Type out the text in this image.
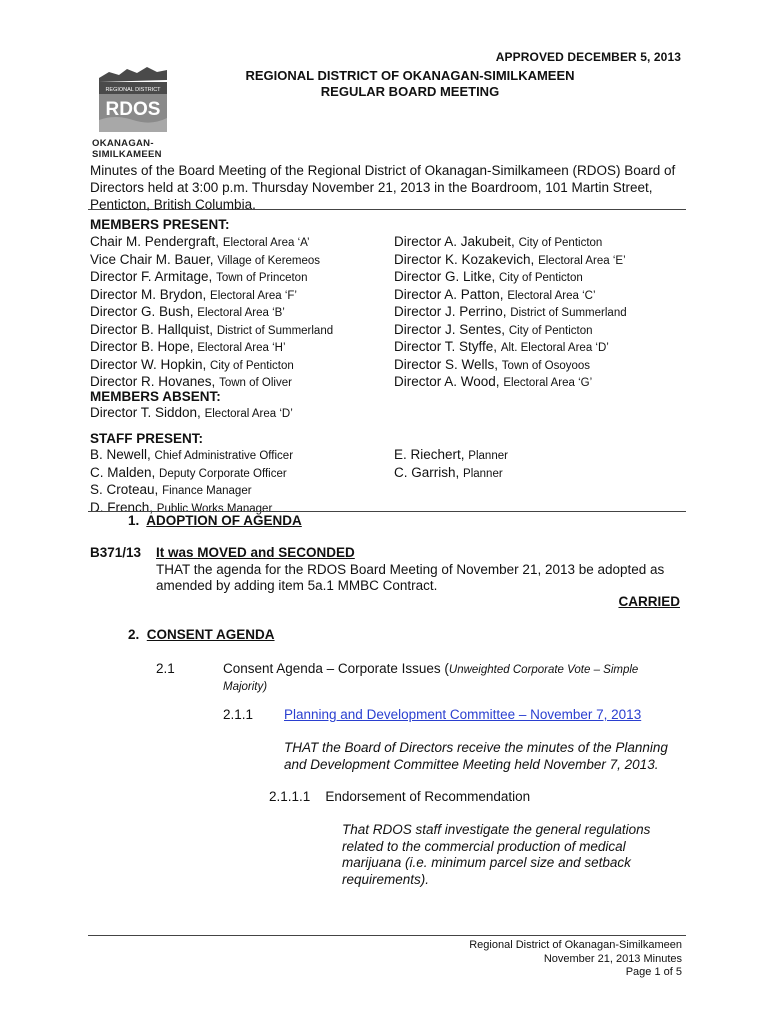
APPROVED DECEMBER 5, 2013
REGIONAL DISTRICT
RDOS
OKANAGAN-
SIMILKAMEEN
REGIONAL DISTRICT OF OKANAGAN-SIMILKAMEEN
REGULAR BOARD MEETING
Minutes of the Board Meeting of the Regional District of Okanagan-Similkameen (RDOS) Board of Directors held at 3:00 p.m. Thursday November 21, 2013 in the Boardroom, 101 Martin Street, Penticton, British Columbia.
MEMBERS PRESENT:
Chair M. Pendergraft, Electoral Area ‘A’
Vice Chair M. Bauer, Village of Keremeos
Director F. Armitage, Town of Princeton
Director M. Brydon, Electoral Area ‘F’
Director G. Bush, Electoral Area ‘B’
Director B. Hallquist, District of Summerland
Director B. Hope, Electoral Area ‘H’
Director W. Hopkin, City of Penticton
Director R. Hovanes, Town of Oliver
Director A. Jakubeit, City of Penticton
Director K. Kozakevich, Electoral Area ‘E’
Director G. Litke, City of Penticton
Director A. Patton, Electoral Area ‘C’
Director J. Perrino, District of Summerland
Director J. Sentes, City of Penticton
Director T. Styffe, Alt. Electoral Area ‘D’
Director S. Wells, Town of Osoyoos
Director A. Wood, Electoral Area ‘G’
MEMBERS ABSENT:
Director T. Siddon, Electoral Area ‘D’
STAFF PRESENT:
B. Newell, Chief Administrative Officer
C. Malden, Deputy Corporate Officer
S. Croteau, Finance Manager
D. French, Public Works Manager
E. Riechert, Planner
C. Garrish, Planner
1. ADOPTION OF AGENDA
B371/13 It was MOVED and SECONDED
THAT the agenda for the RDOS Board Meeting of November 21, 2013 be adopted as amended by adding item 5a.1 MMBC Contract.
CARRIED
2. CONSENT AGENDA
2.1	Consent Agenda – Corporate Issues (Unweighted Corporate Vote – Simple Majority)
2.1.1 Planning and Development Committee – November 7, 2013
THAT the Board of Directors receive the minutes of the Planning and Development Committee Meeting held November 7, 2013.
2.1.1.1 Endorsement of Recommendation
That RDOS staff investigate the general regulations related to the commercial production of medical marijuana (i.e. minimum parcel size and setback requirements).
Regional District of Okanagan-Similkameen
November 21, 2013 Minutes
Page 1 of 5
